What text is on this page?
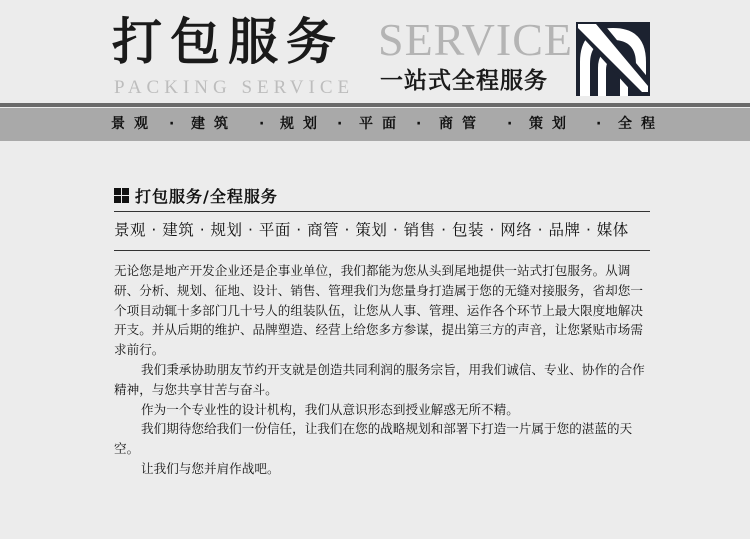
打包服务
PACKING SERVICE
SERVICE
一站式全程服务
景观 · 建筑 · 规划 · 平面 · 商管 · 策划 · 全程
打包服务/全程服务
景观 · 建筑 · 规划 · 平面 · 商管 · 策划 · 销售 · 包装 · 网络 · 品牌 · 媒体

无论您是地产开发企业还是企事业单位，我们都能为您从头到尾地提供一站式打包服务。从调研、分析、规划、征地、设计、销售、管理我们为您量身打造属于您的无缝对接服务，省却您一个项目动辄十多部门几十号人的组装队伍，让您从人事、管理、运作各个环节上最大限度地解决开支。并从后期的维护、品牌塑造、经营上给您多方参谋，提出第三方的声音，让您紧贴市场需求前行。

我们秉承协助朋友节约开支就是创造共同利润的服务宗旨，用我们诚信、专业、协作的合作精神，与您共享甘苦与奋斗。

作为一个专业性的设计机构，我们从意识形态到授业解惑无所不精。

我们期待您给我们一份信任，让我们在您的战略规划和部署下打造一片属于您的湛蓝的天空。

让我们与您并肩作战吧。
